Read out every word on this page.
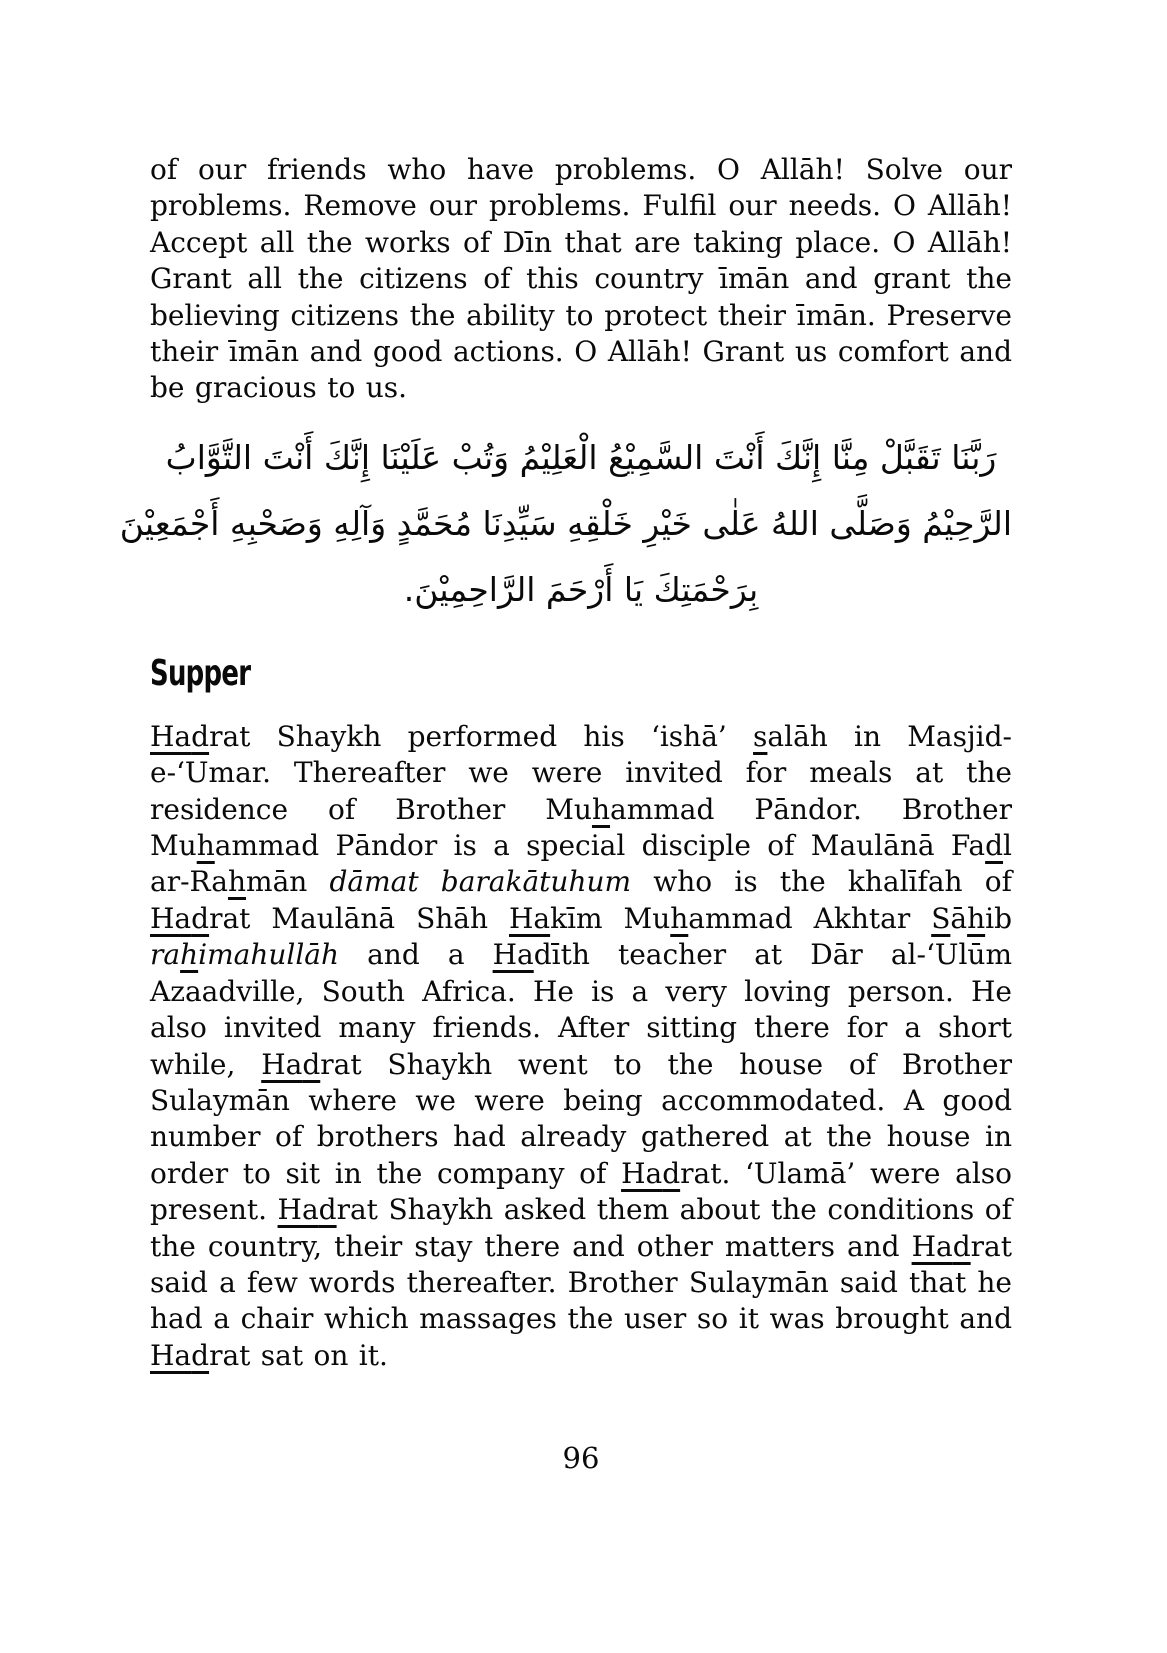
of our friends who have problems. O Allāh! Solve our problems. Remove our problems. Fulfil our needs. O Allāh! Accept all the works of Dīn that are taking place. O Allāh! Grant all the citizens of this country īmān and grant the believing citizens the ability to protect their īmān. Preserve their īmān and good actions. O Allāh! Grant us comfort and be gracious to us.

رَبَّنَا تَقَبَّلْ مِنَّا إِنَّكَ أَنْتَ السَّمِيْعُ الْعَلِيْمُ وَتُبْ عَلَيْنَا إِنَّكَ أَنْتَ التَّوَّابُ
الرَّحِيْمُ وَصَلَّى اللهُ عَلٰى خَيْرِ خَلْقِهِ سَيِّدِنَا مُحَمَّدٍ وَآلِهِ وَصَحْبِهِ أَجْمَعِيْنَ
بِرَحْمَتِكَ يَا أَرْحَمَ الرَّاحِمِيْنَ.
Supper

Hadrat Shaykh performed his ‘ishā’ salāh in Masjid-e-‘Umar. Thereafter we were invited for meals at the residence of Brother Muhammad Pāndor. Brother Muhammad Pāndor is a special disciple of Maulānā Fadl ar-Rahmān dāmat barakātuhum who is the khalīfah of Hadrat Maulānā Shāh Hakīm Muhammad Akhtar Sāhib rahimahullāh and a Hadīth teacher at Dār al-‘Ulūm Azaadville, South Africa. He is a very loving person. He also invited many friends. After sitting there for a short while, Hadrat Shaykh went to the house of Brother Sulaymān where we were being accommodated. A good number of brothers had already gathered at the house in order to sit in the company of Hadrat. ‘Ulamā’ were also present. Hadrat Shaykh asked them about the conditions of the country, their stay there and other matters and Hadrat said a few words thereafter. Brother Sulaymān said that he had a chair which massages the user so it was brought and Hadrat sat on it.

96
